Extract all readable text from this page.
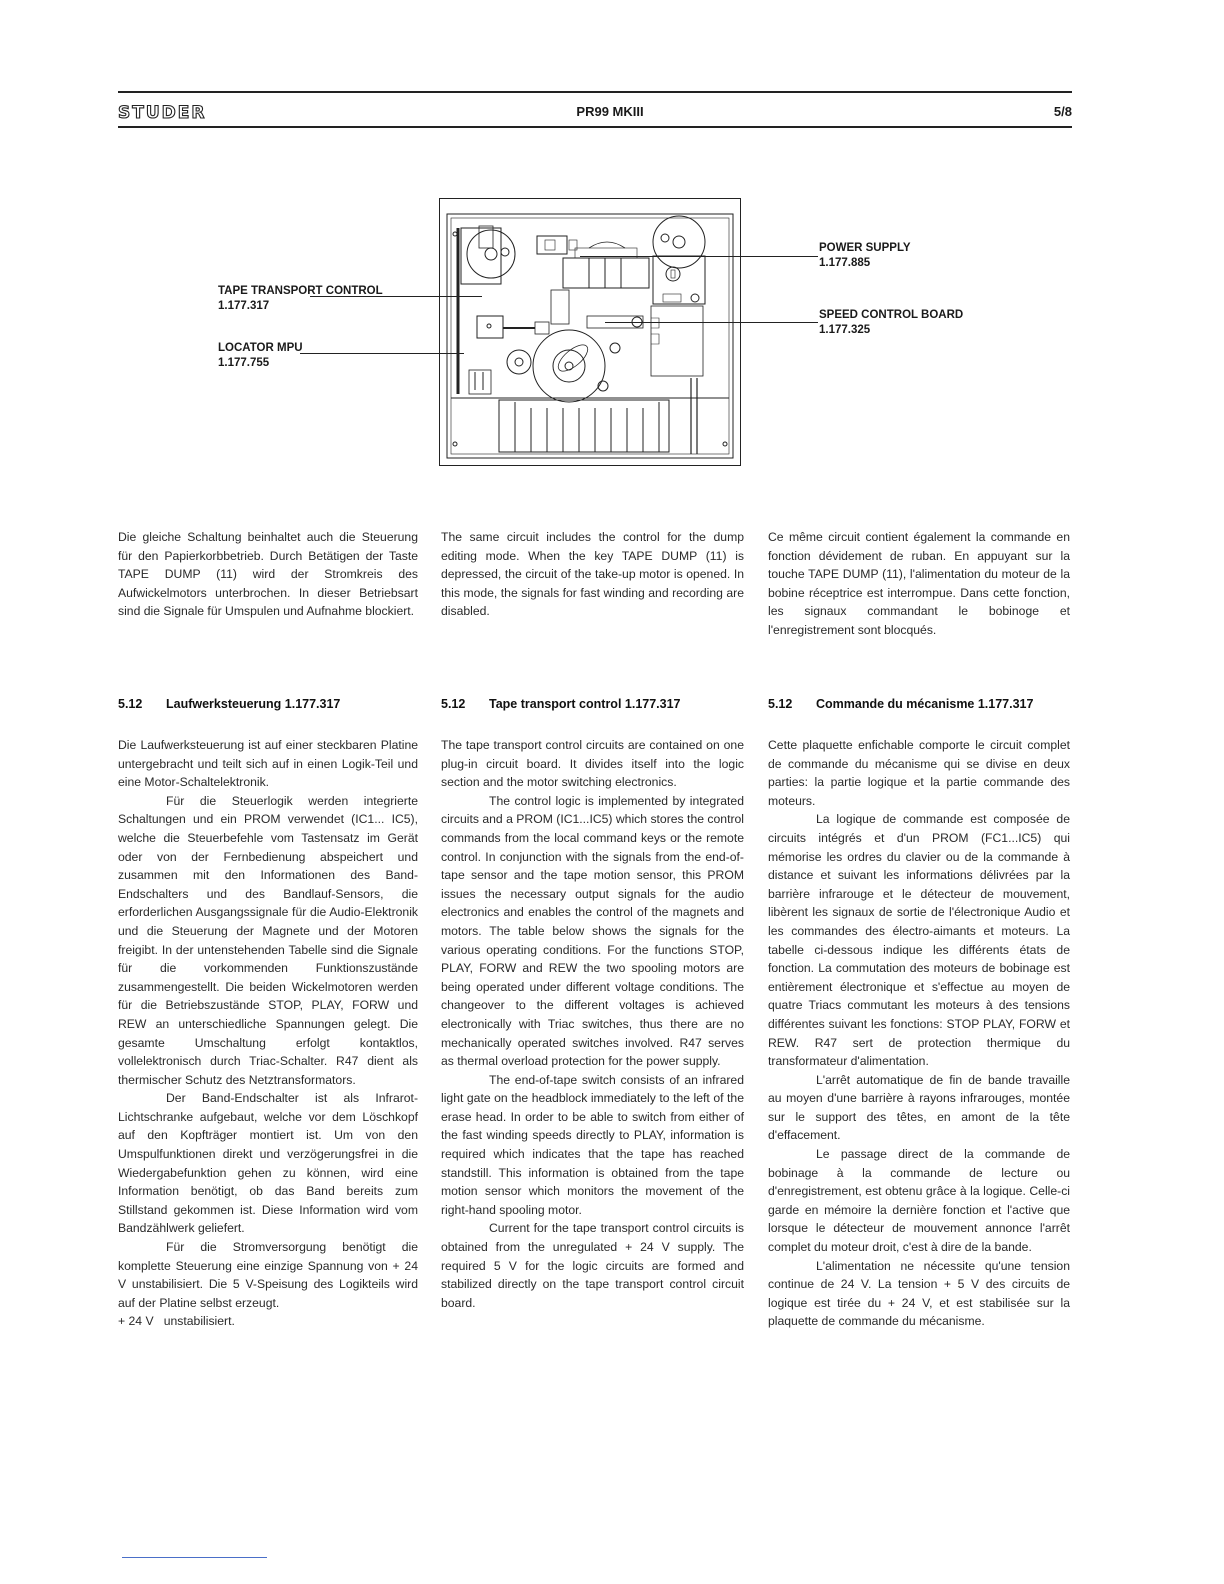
STUDER	PR99 MKIII	5/8
TAPE TRANSPORT CONTROL
1.177.317
LOCATOR MPU
1.177.755
POWER SUPPLY
1.177.885
SPEED CONTROL BOARD
1.177.325

Die gleiche Schaltung beinhaltet auch die Steuerung für den Papierkorbbetrieb. Durch Betätigen der Taste TAPE DUMP (11) wird der Stromkreis des Aufwickelmotors unterbrochen. In dieser Betriebsart sind die Signale für Umspulen und Aufnahme blockiert.

The same circuit includes the control for the dump editing mode. When the key TAPE DUMP (11) is depressed, the circuit of the take-up motor is opened. In this mode, the signals for fast winding and recording are disabled.

Ce même circuit contient également la commande en fonction dévidement de ruban. En appuyant sur la touche TAPE DUMP (11), l'alimentation du moteur de la bobine réceptrice est interrompue. Dans cette fonction, les signaux commandant le bobinoge et l'enregistrement sont blocqués.

5.12 Laufwerksteuerung 1.177.317	5.12 Tape transport control 1.177.317	5.12 Commande du mécanisme 1.177.317

Die Laufwerksteuerung ist auf einer steckbaren Platine untergebracht und teilt sich auf in einen Logik-Teil und eine Motor-Schaltelektronik.

Für die Steuerlogik werden integrierte Schaltungen und ein PROM verwendet (IC1... IC5), welche die Steuerbefehle vom Tastensatz im Gerät oder von der Fernbedienung abspeichert und zusammen mit den Informationen des Band-Endschalters und des Bandlauf-Sensors, die erforderlichen Ausgangssignale für die Audio-Elektronik und die Steuerung der Magnete und der Motoren freigibt. In der untenstehenden Tabelle sind die Signale für die vorkommenden Funktionszustände zusammengestellt. Die beiden Wickelmotoren werden für die Betriebszustände STOP, PLAY, FORW und REW an unterschiedliche Spannungen gelegt. Die gesamte Umschaltung erfolgt kontaktlos, vollelektronisch durch Triac-Schalter. R47 dient als thermischer Schutz des Netztransformators.

Der Band-Endschalter ist als Infrarot-Lichtschranke aufgebaut, welche vor dem Löschkopf auf den Kopfträger montiert ist. Um von den Umspulfunktionen direkt und verzögerungsfrei in die Wiedergabefunktion gehen zu können, wird eine Information benötigt, ob das Band bereits zum Stillstand gekommen ist. Diese Information wird vom Bandzählwerk geliefert.

Für die Stromversorgung benötigt die komplette Steuerung eine einzige Spannung von + 24 V unstabilisiert. Die 5 V-Speisung des Logikteils wird auf der Platine selbst erzeugt.

+ 24 V   unstabilisiert.

The tape transport control circuits are contained on one plug-in circuit board. It divides itself into the logic section and the motor switching electronics.

The control logic is implemented by integrated circuits and a PROM (IC1...IC5) which stores the control commands from the local command keys or the remote control. In conjunction with the signals from the end-of-tape sensor and the tape motion sensor, this PROM issues the necessary output signals for the audio electronics and enables the control of the magnets and motors. The table below shows the signals for the various operating conditions. For the functions STOP, PLAY, FORW and REW the two spooling motors are being operated under different voltage conditions. The changeover to the different voltages is achieved electronically with Triac switches, thus there are no mechanically operated switches involved. R47 serves as thermal overload protection for the power supply.

The end-of-tape switch consists of an infrared light gate on the headblock immediately to the left of the erase head. In order to be able to switch from either of the fast winding speeds directly to PLAY, information is required which indicates that the tape has reached standstill. This information is obtained from the tape motion sensor which monitors the movement of the right-hand spooling motor.

Current for the tape transport control circuits is obtained from the unregulated + 24 V supply. The required 5 V for the logic circuits are formed and stabilized directly on the tape transport control circuit board.

Cette plaquette enfichable comporte le circuit complet de commande du mécanisme qui se divise en deux parties: la partie logique et la partie commande des moteurs.

La logique de commande est composée de circuits intégrés et d'un PROM (FC1...IC5) qui mémorise les ordres du clavier ou de la commande à distance et suivant les informations délivrées par la barrière infrarouge et le détecteur de mouvement, libèrent les signaux de sortie de l'électronique Audio et les commandes des électro-aimants et moteurs. La tabelle ci-dessous indique les différents états de fonction. La commutation des moteurs de bobinage est entièrement électronique et s'effectue au moyen de quatre Triacs commutant les moteurs à des tensions différentes suivant les fonctions: STOP PLAY, FORW et REW. R47 sert de protection thermique du transformateur d'alimentation.

L'arrêt automatique de fin de bande travaille au moyen d'une barrière à rayons infrarouges, montée sur le support des têtes, en amont de la tête d'effacement.

Le passage direct de la commande de bobinage à la commande de lecture ou d'enregistrement, est obtenu grâce à la logique. Celle-ci garde en mémoire la dernière fonction et l'active que lorsque le détecteur de mouvement annonce l'arrêt complet du moteur droit, c'est à dire de la bande.

L'alimentation ne nécessite qu'une tension continue de 24 V. La tension + 5 V des circuits de logique est tirée du + 24 V, et est stabilisée sur la plaquette de commande du mécanisme.
